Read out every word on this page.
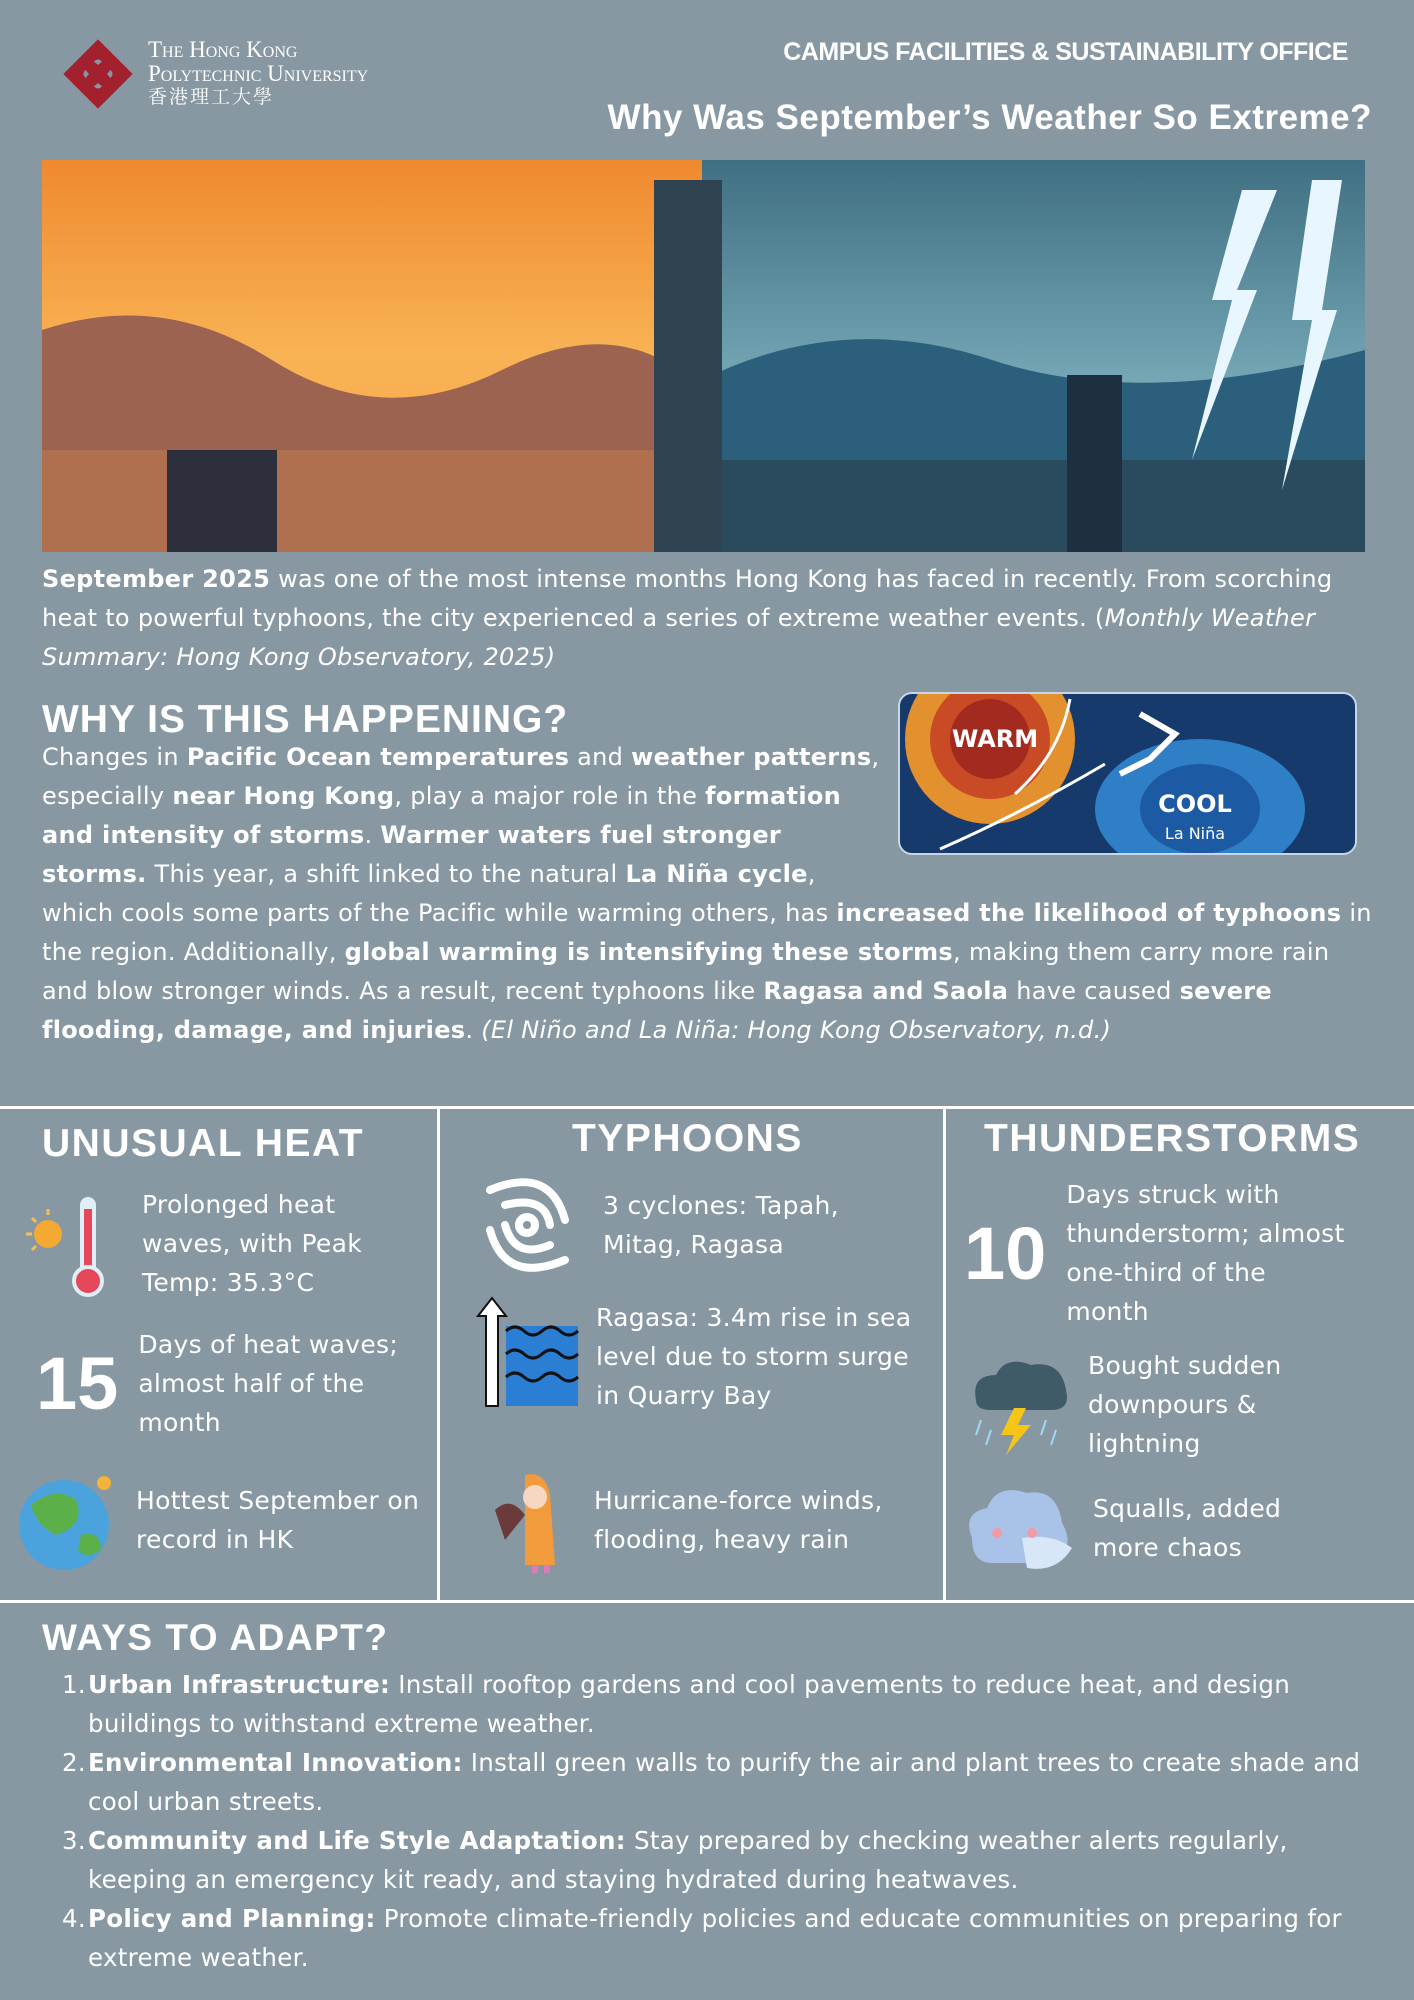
The Hong Kong
Polytechnic University
香港理工大學
CAMPUS FACILITIES & SUSTAINABILITY OFFICE
Why Was September’s Weather So Extreme?

September 2025 was one of the most intense months Hong Kong has faced in recently. From scorching heat to powerful typhoons, the city experienced a series of extreme weather events. (Monthly Weather Summary: Hong Kong Observatory, 2025)

WHY IS THIS HAPPENING?	WARM
COOL
La Niña

Changes in Pacific Ocean temperatures and weather patterns, especially near Hong Kong, play a major role in the formation and intensity of storms. Warmer waters fuel stronger storms. This year, a shift linked to the natural La Niña cycle, which cools some parts of the Pacific while warming others, has increased the likelihood of typhoons in the region. Additionally, global warming is intensifying these storms, making them carry more rain and blow stronger winds. As a result, recent typhoons like Ragasa and Saola have caused severe flooding, damage, and injuries. (El Niño and La Niña: Hong Kong Observatory, n.d.)

UNUSUAL HEAT
Prolonged heat waves, with Peak Temp: 35.3°C
15 Days of heat waves; almost half of the month
Hottest September on record in HK
TYPHOONS
3 cyclones: Tapah, Mitag, Ragasa
Ragasa: 3.4m rise in sea level due to storm surge in Quarry Bay
Hurricane-force winds, flooding, heavy rain
THUNDERSTORMS
10
Days struck with thunderstorm; almost one-third of the month
Bought sudden downpours & lightning
Squalls, added more chaos
WAYS TO ADAPT?
1. Urban Infrastructure: Install rooftop gardens and cool pavements to reduce heat, and design buildings to withstand extreme weather.
2. Environmental Innovation: Install green walls to purify the air and plant trees to create shade and cool urban streets.
3. Community and Life Style Adaptation: Stay prepared by checking weather alerts regularly, keeping an emergency kit ready, and staying hydrated during heatwaves.
4. Policy and Planning: Promote climate-friendly policies and educate communities on preparing for extreme weather.
